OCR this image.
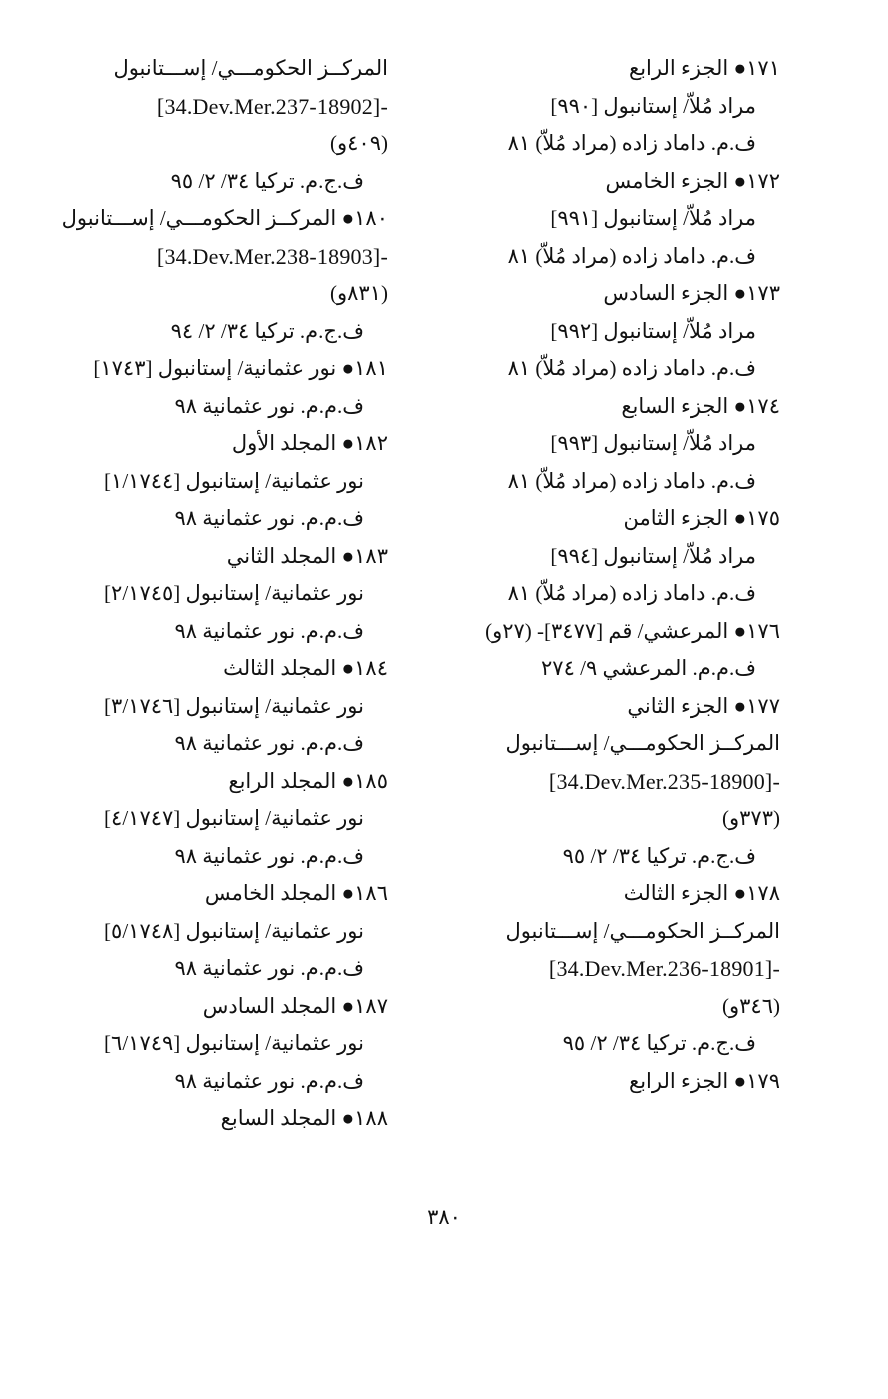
١٧١● الجزء الرابع
مراد مُلاّ/ إستانبول [٩٩٠]
ف.م. داماد زاده (مراد مُلاّ) ٨١
١٧٢● الجزء الخامس
مراد مُلاّ/ إستانبول [٩٩١]
ف.م. داماد زاده (مراد مُلاّ) ٨١
١٧٣● الجزء السادس
مراد مُلاّ/ إستانبول [٩٩٢]
ف.م. داماد زاده (مراد مُلاّ) ٨١
١٧٤● الجزء السابع
مراد مُلاّ/ إستانبول [٩٩٣]
ف.م. داماد زاده (مراد مُلاّ) ٨١
١٧٥● الجزء الثامن
مراد مُلاّ/ إستانبول [٩٩٤]
ف.م. داماد زاده (مراد مُلاّ) ٨١
١٧٦● المرعشي/ قم [٣٤٧٧]- (٢٧و)
ف.م.م. المرعشي ٩/ ٢٧٤
١٧٧● الجزء الثاني
المركــز الحكومـــي/ إســـتانبول
[34.Dev.Mer.235-18900]-
(٣٧٣و)
ف.ج.م. تركيا ٣٤/ ٢/ ٩٥
١٧٨● الجزء الثالث
المركــز الحكومـــي/ إســـتانبول
[34.Dev.Mer.236-18901]-
(٣٤٦و)
ف.ج.م. تركيا ٣٤/ ٢/ ٩٥
١٧٩● الجزء الرابع
المركــز الحكومـــي/ إســـتانبول
[34.Dev.Mer.237-18902]-
(٤٠٩و)
ف.ج.م. تركيا ٣٤/ ٢/ ٩٥
١٨٠● المركــز الحكومـــي/ إســـتانبول
[34.Dev.Mer.238-18903]-
(٨٣١و)
ف.ج.م. تركيا ٣٤/ ٢/ ٩٤
١٨١● نور عثمانية/ إستانبول [١٧٤٣]
ف.م.م. نور عثمانية ٩٨
١٨٢● المجلد الأول
نور عثمانية/ إستانبول [١/١٧٤٤]
ف.م.م. نور عثمانية ٩٨
١٨٣● المجلد الثاني
نور عثمانية/ إستانبول [٢/١٧٤٥]
ف.م.م. نور عثمانية ٩٨
١٨٤● المجلد الثالث
نور عثمانية/ إستانبول [٣/١٧٤٦]
ف.م.م. نور عثمانية ٩٨
١٨٥● المجلد الرابع
نور عثمانية/ إستانبول [٤/١٧٤٧]
ف.م.م. نور عثمانية ٩٨
١٨٦● المجلد الخامس
نور عثمانية/ إستانبول [٥/١٧٤٨]
ف.م.م. نور عثمانية ٩٨
١٨٧● المجلد السادس
نور عثمانية/ إستانبول [٦/١٧٤٩]
ف.م.م. نور عثمانية ٩٨
١٨٨● المجلد السابع
٣٨٠
